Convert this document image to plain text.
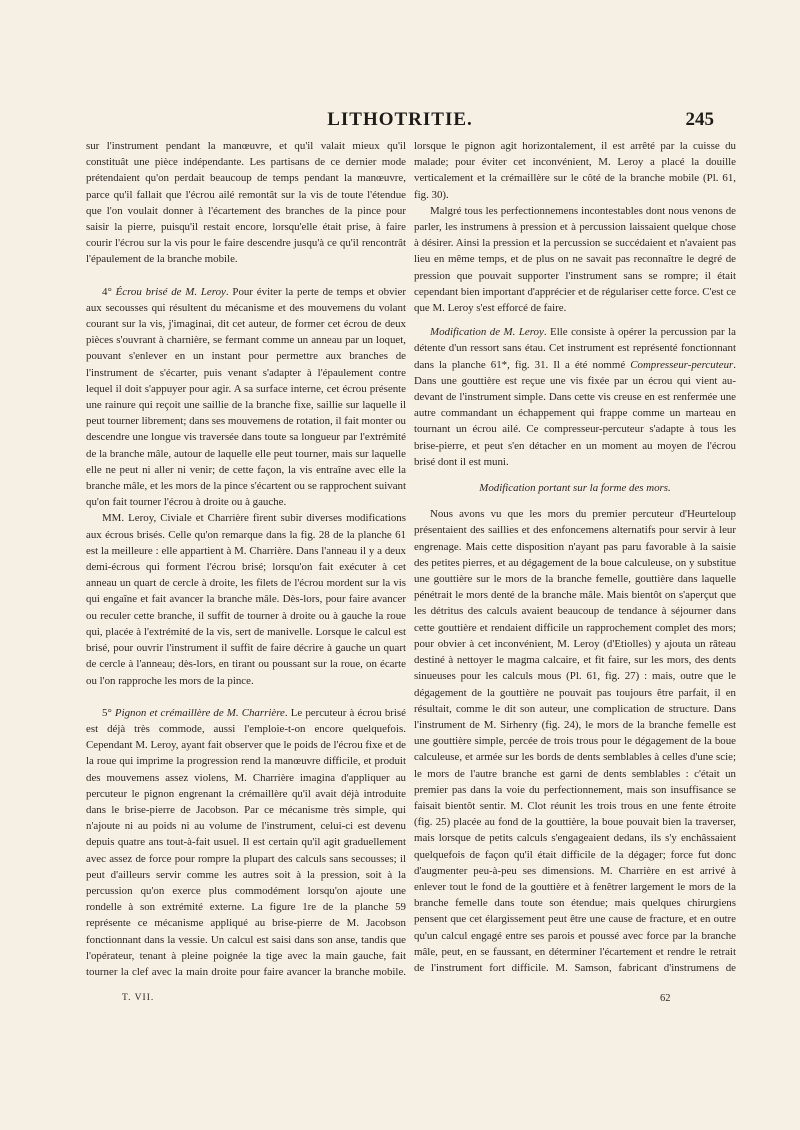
LITHOTRITIE.	245

sur l'instrument pendant la manœuvre, et qu'il valait mieux qu'il constituât une pièce indépendante. Les partisans de ce dernier mode prétendaient qu'on perdait beaucoup de temps pendant la manœuvre, parce qu'il fallait que l'écrou ailé remontât sur la vis de toute l'étendue que l'on voulait donner à l'écartement des branches de la pince pour saisir la pierre, puisqu'il restait encore, lorsqu'elle était prise, à faire courir l'écrou sur la vis pour le faire descendre jusqu'à ce qu'il rencontrât l'épaulement de la branche mobile.

4° Écrou brisé de M. Leroy. Pour éviter la perte de temps et obvier aux secousses qui résultent du mécanisme et des mouvemens du volant courant sur la vis, j'imaginai, dit cet auteur, de former cet écrou de deux pièces s'ouvrant à charnière, se fermant comme un anneau par un loquet, pouvant s'enlever en un instant pour permettre aux branches de l'instrument de s'écarter, puis venant s'adapter à l'épaulement contre lequel il doit s'appuyer pour agir. A sa surface interne, cet écrou présente une rainure qui reçoit une saillie de la branche fixe, saillie sur laquelle il peut tourner librement; dans ses mouvemens de rotation, il fait monter ou descendre une longue vis traversée dans toute sa longueur par l'extrémité de la branche mâle, autour de laquelle elle peut tourner, mais sur laquelle elle ne peut ni aller ni venir; de cette façon, la vis entraîne avec elle la branche mâle, et les mors de la pince s'écartent ou se rapprochent suivant qu'on fait tourner l'écrou à droite ou à gauche.

MM. Leroy, Civiale et Charrière firent subir diverses modifications aux écrous brisés. Celle qu'on remarque dans la fig. 28 de la planche 61 est la meilleure : elle appartient à M. Charrière. Dans l'anneau il y a deux demi-écrous qui forment l'écrou brisé; lorsqu'on fait exécuter à cet anneau un quart de cercle à droite, les filets de l'écrou mordent sur la vis qui engaîne et fait avancer la branche mâle. Dès-lors, pour faire avancer ou reculer cette branche, il suffit de tourner à droite ou à gauche la roue qui, placée à l'extrémité de la vis, sert de manivelle. Lorsque le calcul est brisé, pour ouvrir l'instrument il suffit de faire décrire à gauche un quart de cercle à l'anneau; dès-lors, en tirant ou poussant sur la roue, on écarte ou l'on rapproche les mors de la pince.

5° Pignon et crémaillère de M. Charrière. Le percuteur à écrou brisé est déjà très commode, aussi l'emploie-t-on encore quelquefois. Cependant M. Leroy, ayant fait observer que le poids de l'écrou fixe et de la roue qui imprime la progression rend la manœuvre difficile, et produit des mouvemens assez violens, M. Charrière imagina d'appliquer au percuteur le pignon engrenant la crémaillère qu'il avait déjà introduite dans le brise-pierre de Jacobson. Par ce mécanisme très simple, qui n'ajoute ni au poids ni au volume de l'instrument, celui-ci est devenu depuis quatre ans tout-à-fait usuel. Il est certain qu'il agit graduellement avec assez de force pour rompre la plupart des calculs sans secousses; il peut d'ailleurs servir comme les autres soit à la pression, soit à la percussion qu'on exerce plus commodément lorsqu'on ajoute une rondelle à son extrémité externe. La figure 1re de la planche 59 représente ce mécanisme appliqué au brise-pierre de M. Jacobson fonctionnant dans la vessie. Un calcul est saisi dans son anse, tandis que l'opérateur, tenant à pleine poignée la tige avec la main gauche, fait tourner la clef avec la main droite pour faire avancer la branche mobile.

lorsque le pignon agit horizontalement, il est arrêté par la cuisse du malade; pour éviter cet inconvénient, M. Leroy a placé la douille verticalement et la crémaillère sur le côté de la branche mobile (Pl. 61, fig. 30).

Malgré tous les perfectionnemens incontestables dont nous venons de parler, les instrumens à pression et à percussion laissaient quelque chose à désirer. Ainsi la pression et la percussion se succédaient et n'avaient pas lieu en même temps, et de plus on ne savait pas reconnaître le degré de pression que pouvait supporter l'instrument sans se rompre; il était cependant bien important d'apprécier et de régulariser cette force. C'est ce que M. Leroy s'est efforcé de faire.

Modification de M. Leroy. Elle consiste à opérer la percussion par la détente d'un ressort sans étau. Cet instrument est représenté fonctionnant dans la planche 61*, fig. 31. Il a été nommé Compresseur-percuteur. Dans une gouttière est reçue une vis fixée par un écrou qui vient au-devant de l'instrument simple. Dans cette vis creuse en est renfermée une autre commandant un échappement qui frappe comme un marteau en tournant un écrou ailé. Ce compresseur-percuteur s'adapte à tous les brise-pierre, et peut s'en détacher en un moment au moyen de l'écrou brisé dont il est muni.

Modification portant sur la forme des mors.

Nous avons vu que les mors du premier percuteur d'Heurteloup présentaient des saillies et des enfoncemens alternatifs pour servir à leur engrenage. Mais cette disposition n'ayant pas paru favorable à la saisie des petites pierres, et au dégagement de la boue calculeuse, on y substitue une gouttière sur le mors de la branche femelle, gouttière dans laquelle pénétrait le mors denté de la branche mâle. Mais bientôt on s'aperçut que les détritus des calculs avaient beaucoup de tendance à séjourner dans cette gouttière et rendaient difficile un rapprochement complet des mors; pour obvier à cet inconvénient, M. Leroy (d'Etiolles) y ajouta un râteau destiné à nettoyer le magma calcaire, et fit faire, sur les mors, des dents sinueuses pour les calculs mous (Pl. 61, fig. 27) : mais, outre que le dégagement de la gouttière ne pouvait pas toujours être parfait, il en résultait, comme le dit son auteur, une complication de structure. Dans l'instrument de M. Sirhenry (fig. 24), le mors de la branche femelle est une gouttière simple, percée de trois trous pour le dégagement de la boue calculeuse, et armée sur les bords de dents semblables à celles d'une scie; le mors de l'autre branche est garni de dents semblables : c'était un premier pas dans la voie du perfectionnement, mais son insuffisance se faisait bientôt sentir. M. Clot réunit les trois trous en une fente étroite (fig. 25) placée au fond de la gouttière, la boue pouvait bien la traverser, mais lorsque de petits calculs s'engageaient dedans, ils s'y enchâssaient quelquefois de façon qu'il était difficile de la dégager; force fut donc d'augmenter peu-à-peu ses dimensions. M. Charrière en est arrivé à enlever tout le fond de la gouttière et à fenêtrer largement le mors de la branche femelle dans toute son étendue; mais quelques chirurgiens pensent que cet élargissement peut être une cause de fracture, et en outre qu'un calcul engagé entre ses parois et poussé avec force par la branche mâle, peut, en se faussant, en déterminer l'écartement et rendre le retrait de l'instrument fort difficile. M. Samson, fabricant d'instrumens de

T. VII.	62
